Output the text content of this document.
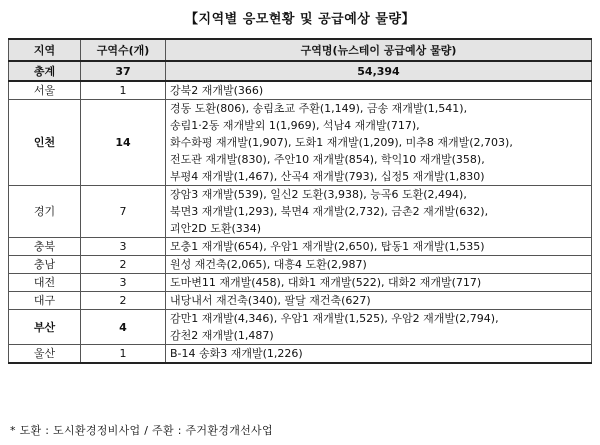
【지역별 응모현황 및 공급예상 물량】
지역	구역수(개)	구역명(뉴스테이 공급예상 물량)
총계	37	54,394
서울	1	강북2 재개발(366)

인천	14	경동 도환(806), 송림초교 주환(1,149), 금송 재개발(1,541),
송림1·2동 재개발외 1(1,969), 석남4 재개발(717),
화수화평 재개발(1,907), 도화1 재개발(1,209), 미추8 재개발(2,703),
전도관 재개발(830), 주안10 재개발(854), 학익10 재개발(358),
부평4 재개발(1,467), 산곡4 재개발(793), 십정5 재개발(1,830)

경기	7	장암3 재개발(539), 일신2 도환(3,938), 능곡6 도환(2,494),
북면3 재개발(1,293), 북면4 재개발(2,732), 금촌2 재개발(632),
괴안2D 도환(334)

충북	3	모충1 재개발(654), 우암1 재개발(2,650), 탑동1 재개발(1,535)

충남	2	원성 재건축(2,065), 대흥4 도환(2,987)

대전	3	도마변11 재개발(458), 대화1 재개발(522), 대화2 재개발(717)

대구	2	내당내서 재건축(340), 팔달 재건축(627)

부산	4	감만1 재개발(4,346), 우암1 재개발(1,525), 우암2 재개발(2,794),
감천2 재개발(1,487)

울산	1	B-14 송화3 재개발(1,226)
* 도환 : 도시환경정비사업 / 주환 : 주거환경개선사업
